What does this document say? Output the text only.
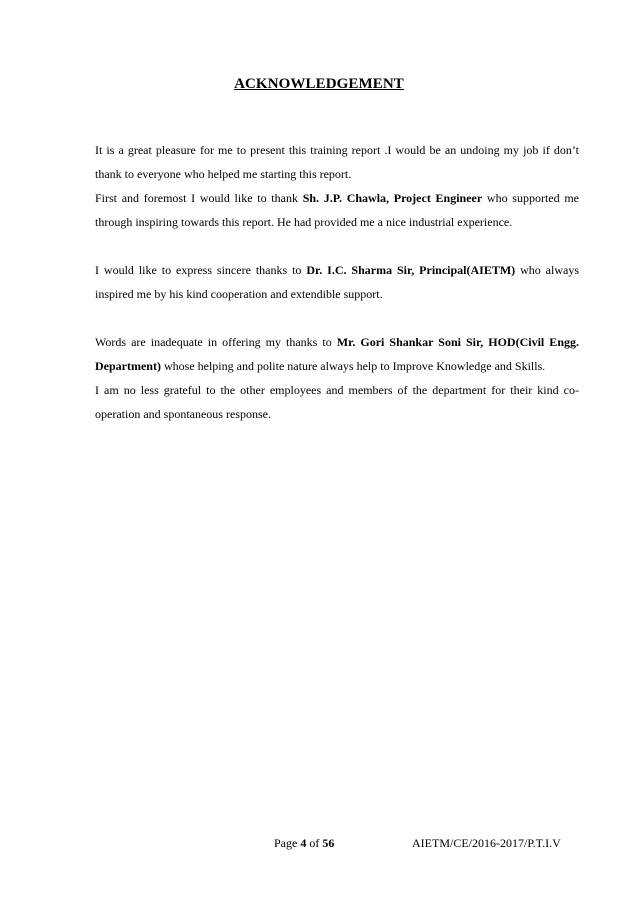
ACKNOWLEDGEMENT

It is a great pleasure for me to present this training report .I would be an undoing my job if don’t thank to everyone who helped me starting this report.

First and foremost I would like to thank Sh. J.P. Chawla, Project Engineer who supported me through inspiring towards this report. He had provided me a nice industrial experience.

I would like to express sincere thanks to Dr. I.C. Sharma Sir, Principal(AIETM) who always inspired me by his kind cooperation and extendible support.

Words are inadequate in offering my thanks to Mr. Gori Shankar Soni Sir, HOD(Civil Engg. Department) whose helping and polite nature always help to Improve Knowledge and Skills.

I am no less grateful to the other employees and members of the department for their kind co-operation and spontaneous response.

Page 4 of 56	AIETM/CE/2016-2017/P.T.I.V
